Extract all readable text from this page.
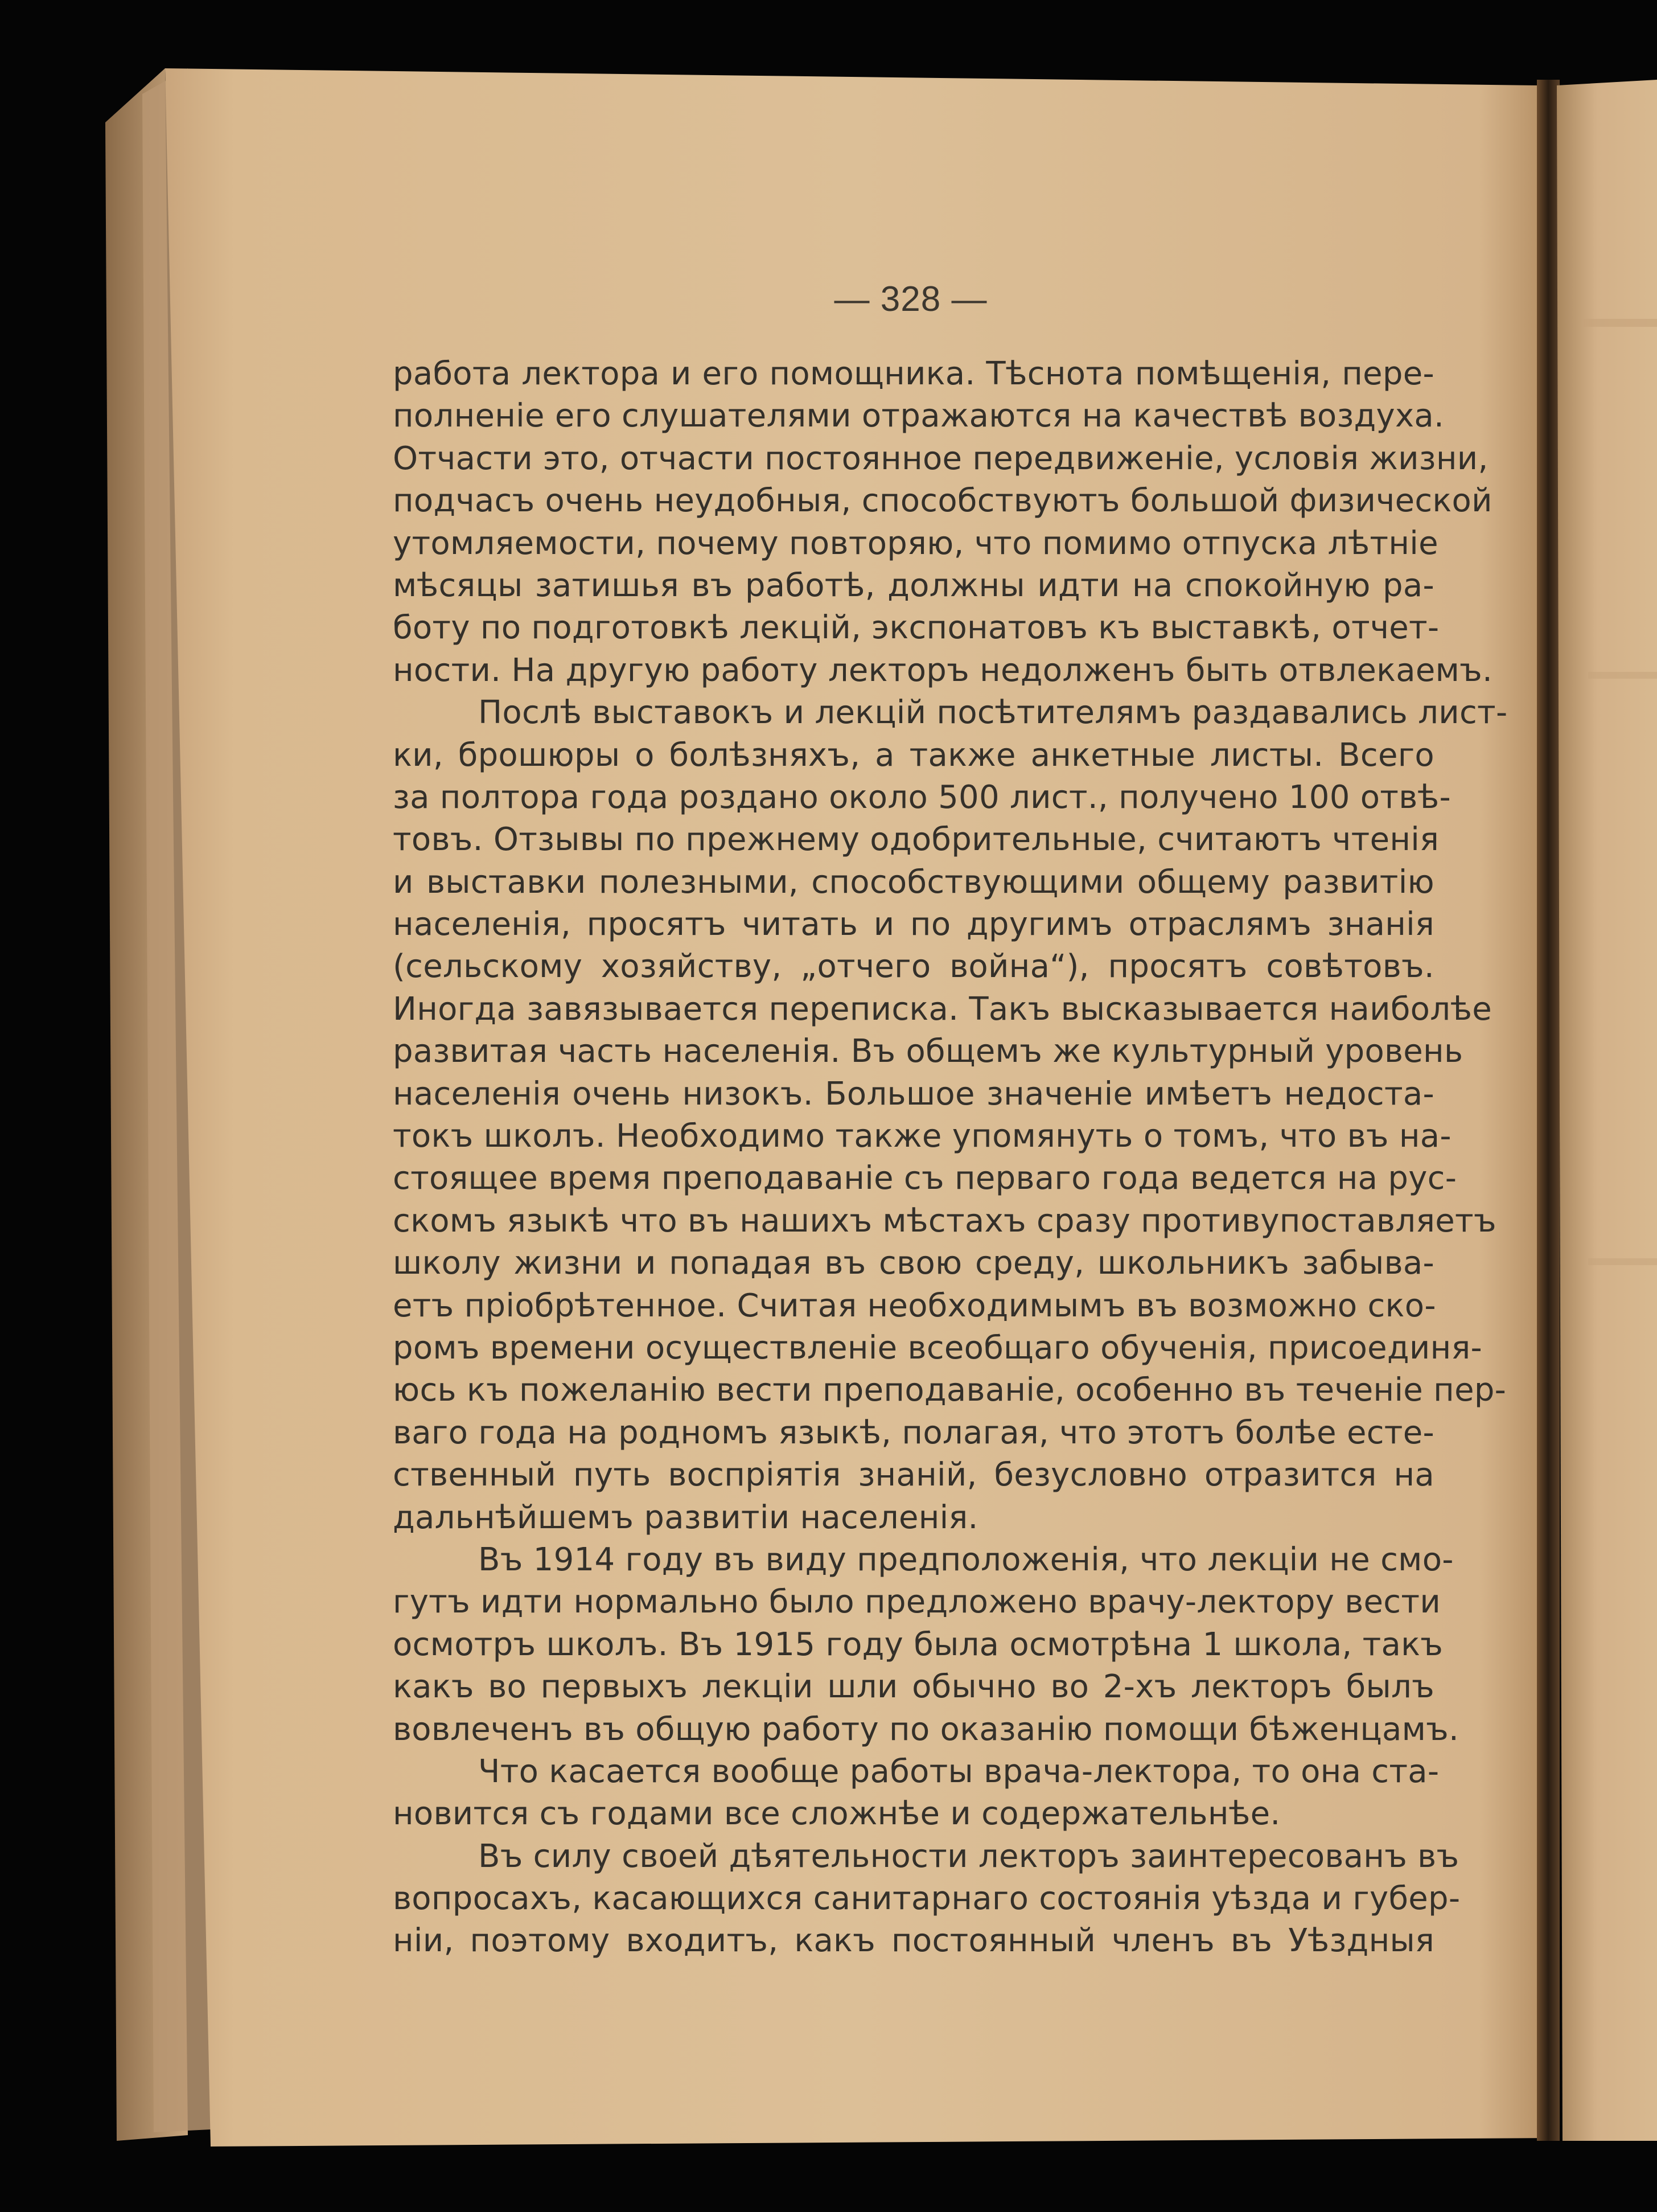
— 328 —
работа лектора и его помощника. Тѣснота помѣщенія, пере-
полненіе его слушателями отражаются на качествѣ воздуха.
Отчасти это, отчасти постоянное передвиженіе, условія жизни,
подчасъ очень неудобныя, способствуютъ большой физической
утомляемости, почему повторяю, что помимо отпуска лѣтніе
мѣсяцы затишья въ работѣ, должны идти на спокойную ра-
боту по подготовкѣ лекцій, экспонатовъ къ выставкѣ, отчет-
ности. На другую работу лекторъ недолженъ быть отвлекаемъ.
Послѣ выставокъ и лекцій посѣтителямъ раздавались лист-
ки, брошюры о болѣзняхъ, а также анкетные листы. Всего
за полтора года роздано около 500 лист., получено 100 отвѣ-
товъ. Отзывы по прежнему одобрительные, считаютъ чтенія
и выставки полезными, способствующими общему развитію
населенія, просятъ читать и по другимъ отраслямъ знанія
(сельскому хозяйству, „отчего война“), просятъ совѣтовъ.
Иногда завязывается переписка. Такъ высказывается наиболѣе
развитая часть населенія. Въ общемъ же культурный уровень
населенія очень низокъ. Большое значеніе имѣетъ недоста-
токъ школъ. Необходимо также упомянуть о томъ, что въ на-
стоящее время преподаваніе съ перваго года ведется на рус-
скомъ языкѣ что въ нашихъ мѣстахъ сразу противупоставляетъ
школу жизни и попадая въ свою среду, школьникъ забыва-
етъ пріобрѣтенное. Считая необходимымъ въ возможно ско-
ромъ времени осуществленіе всеобщаго обученія, присоединя-
юсь къ пожеланію вести преподаваніе, особенно въ теченіе пер-
ваго года на родномъ языкѣ, полагая, что этотъ болѣе есте-
ственный путь воспріятія знаній, безусловно отразится на
дальнѣйшемъ развитіи населенія.
Въ 1914 году въ виду предположенія, что лекціи не смо-
гутъ идти нормально было предложено врачу-лектору вести
осмотръ школъ. Въ 1915 году была осмотрѣна 1 школа, такъ
какъ во первыхъ лекціи шли обычно во 2-хъ лекторъ былъ
вовлеченъ въ общую работу по оказанію помощи бѣженцамъ.
Что касается вообще работы врача-лектора, то она ста-
новится съ годами все сложнѣе и содержательнѣе.
Въ силу своей дѣятельности лекторъ заинтересованъ въ
вопросахъ, касающихся санитарнаго состоянія уѣзда и губер-
ніи, поэтому входитъ, какъ постоянный членъ въ Уѣздныя
